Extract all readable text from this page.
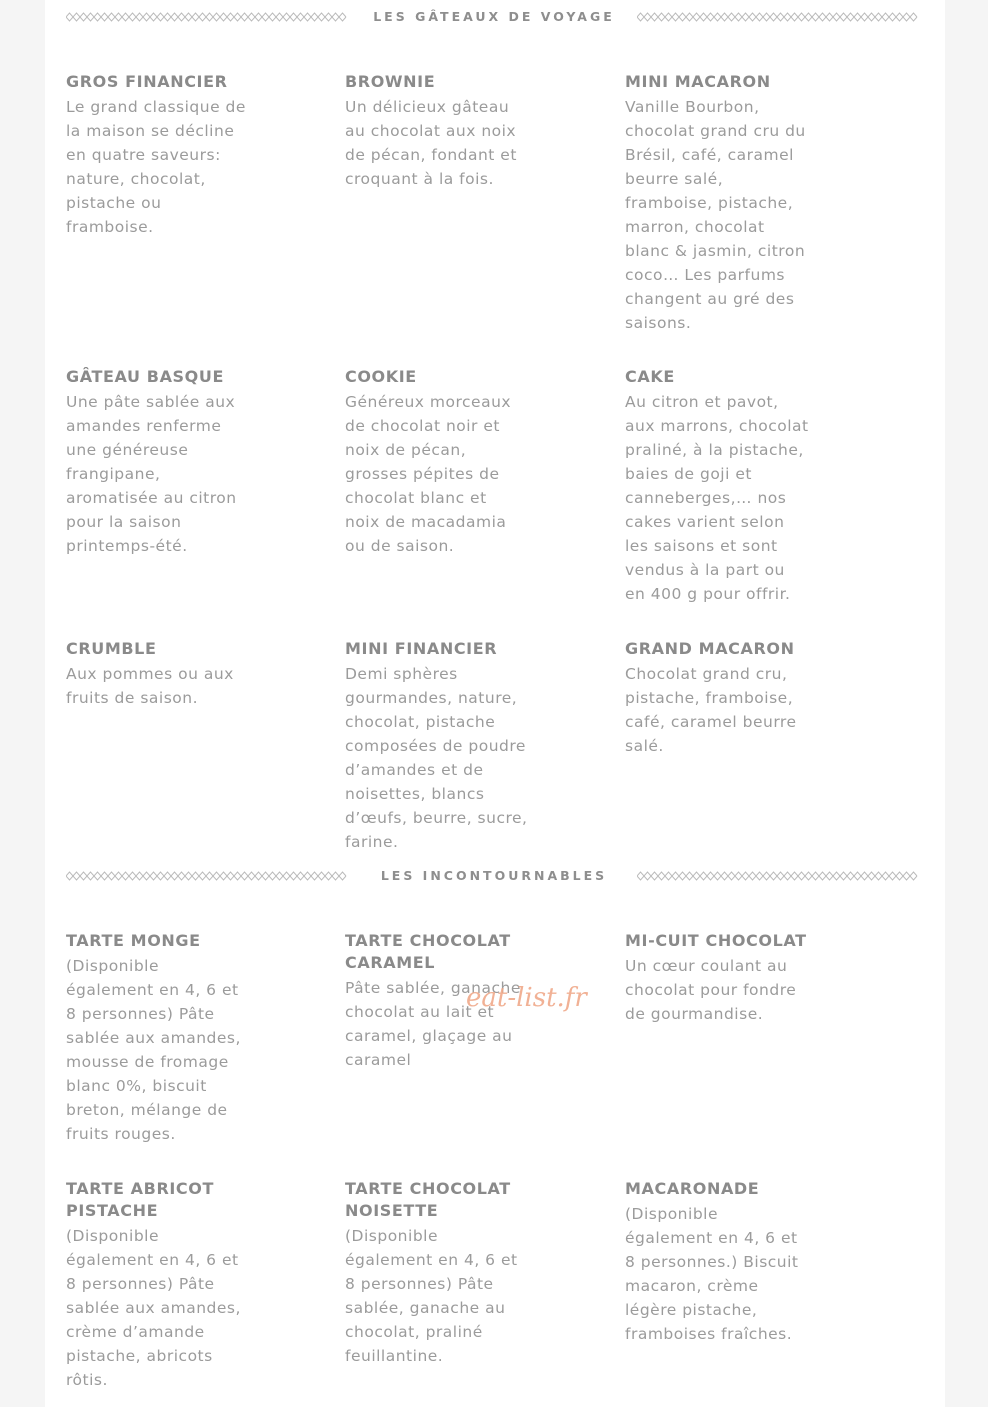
LES GÂTEAUX DE VOYAGE
GROS FINANCIER

Le grand classique de
la maison se décline
en quatre saveurs:
nature, chocolat,
pistache ou
framboise.

BROWNIE

Un délicieux gâteau
au chocolat aux noix
de pécan, fondant et
croquant à la fois.

MINI MACARON

Vanille Bourbon,
chocolat grand cru du
Brésil, café, caramel
beurre salé,
framboise, pistache,
marron, chocolat
blanc & jasmin, citron
coco… Les parfums
changent au gré des
saisons.

GÂTEAU BASQUE

Une pâte sablée aux
amandes renferme
une généreuse
frangipane,
aromatisée au citron
pour la saison
printemps-été.

COOKIE

Généreux morceaux
de chocolat noir et
noix de pécan,
grosses pépites de
chocolat blanc et
noix de macadamia
ou de saison.

CAKE

Au citron et pavot,
aux marrons, chocolat
praliné, à la pistache,
baies de goji et
canneberges,… nos
cakes varient selon
les saisons et sont
vendus à la part ou
en 400 g pour offrir.

CRUMBLE

Aux pommes ou aux
fruits de saison.

MINI FINANCIER

Demi sphères
gourmandes, nature,
chocolat, pistache
composées de poudre
d’amandes et de
noisettes, blancs
d’œufs, beurre, sucre,
farine.

GRAND MACARON

Chocolat grand cru,
pistache, framboise,
café, caramel beurre
salé.

LES INCONTOURNABLES
TARTE MONGE

(Disponible
également en 4, 6 et
8 personnes) Pâte
sablée aux amandes,
mousse de fromage
blanc 0%, biscuit
breton, mélange de
fruits rouges.

TARTE CHOCOLAT
CARAMEL

Pâte sablée, ganache
chocolat au lait et
caramel, glaçage au
caramel

MI-CUIT CHOCOLAT

Un cœur coulant au
chocolat pour fondre
de gourmandise.

TARTE ABRICOT
PISTACHE

(Disponible
également en 4, 6 et
8 personnes) Pâte
sablée aux amandes,
crème d’amande
pistache, abricots
rôtis.

TARTE CHOCOLAT
NOISETTE

(Disponible
également en 4, 6 et
8 personnes) Pâte
sablée, ganache au
chocolat, praliné
feuillantine.

MACARONADE

(Disponible
également en 4, 6 et
8 personnes.) Biscuit
macaron, crème
légère pistache,
framboises fraîches.

eat-list.fr
